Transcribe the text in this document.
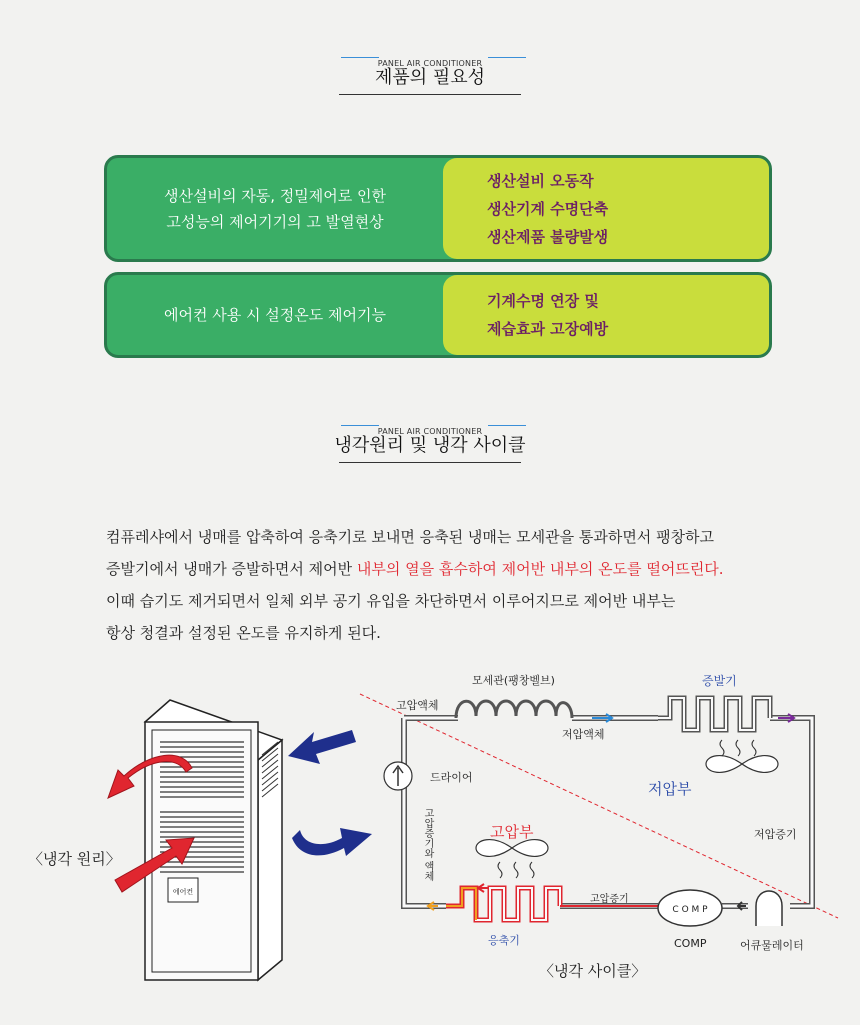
PANEL AIR CONDITIONER
제품의 필요성
생산설비의 자동, 정밀제어로 인한
고성능의 제어기기의 고 발열현상
생산설비 오동작
생산기계 수명단축
생산제품 불량발생
에어컨 사용 시 설정온도 제어기능
기계수명 연장 및
제습효과 고장예방
PANEL AIR CONDITIONER
냉각원리 및 냉각 사이클
컴퓨레샤에서 냉매를 압축하여 응축기로 보내면 응축된 냉매는 모세관을 통과하면서 팽창하고
증발기에서 냉매가 증발하면서 제어반 내부의 열을 흡수하여 제어반 내부의 온도를 떨어뜨린다.
이때 습기도 제거되면서 일체 외부 공기 유입을 차단하면서 이루어지므로 제어반 내부는
항상 청결과 설정된 온도를 유지하게 된다.
에어컨
〈냉각 원리〉
C O M P
모세관(팽창벨브)	증발기
고압액체
저압액체
드라이어
저압부
고압부	저압증기
고압증기와 액체
고압증기
응축기	COMP	어큐물레이터
〈냉각 사이클〉
